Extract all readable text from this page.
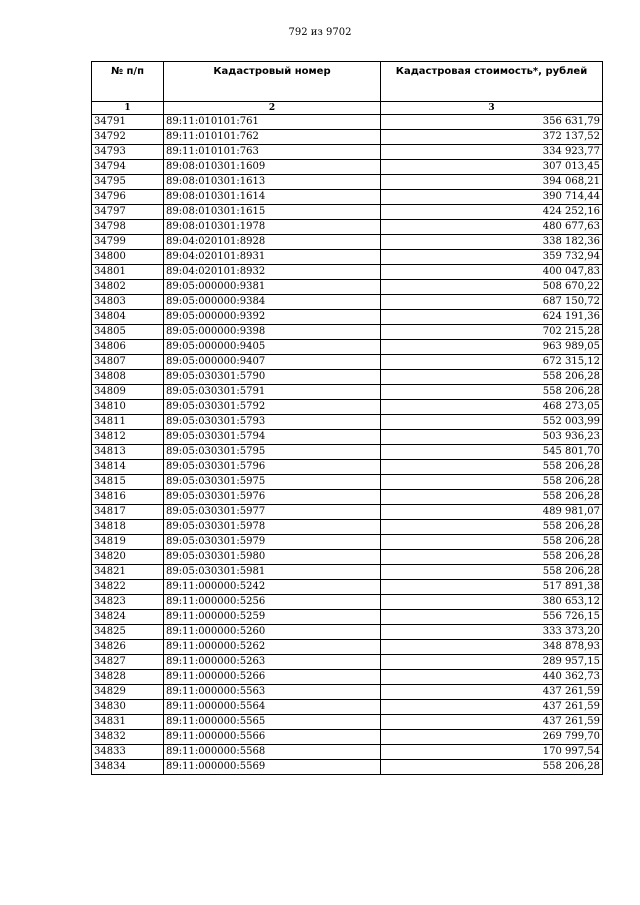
792 из 9702
№ п/п	Кадастровый номер	Кадастровая стоимость*, рублей
1	2	3
34791	89:11:010101:761	356 631,79
34792	89:11:010101:762	372 137,52
34793	89:11:010101:763	334 923,77
34794	89:08:010301:1609	307 013,45
34795	89:08:010301:1613	394 068,21
34796	89:08:010301:1614	390 714,44
34797	89:08:010301:1615	424 252,16
34798	89:08:010301:1978	480 677,63
34799	89:04:020101:8928	338 182,36
34800	89:04:020101:8931	359 732,94
34801	89:04:020101:8932	400 047,83
34802	89:05:000000:9381	508 670,22
34803	89:05:000000:9384	687 150,72
34804	89:05:000000:9392	624 191,36
34805	89:05:000000:9398	702 215,28
34806	89:05:000000:9405	963 989,05
34807	89:05:000000:9407	672 315,12
34808	89:05:030301:5790	558 206,28
34809	89:05:030301:5791	558 206,28
34810	89:05:030301:5792	468 273,05
34811	89:05:030301:5793	552 003,99
34812	89:05:030301:5794	503 936,23
34813	89:05:030301:5795	545 801,70
34814	89:05:030301:5796	558 206,28
34815	89:05:030301:5975	558 206,28
34816	89:05:030301:5976	558 206,28
34817	89:05:030301:5977	489 981,07
34818	89:05:030301:5978	558 206,28
34819	89:05:030301:5979	558 206,28
34820	89:05:030301:5980	558 206,28
34821	89:05:030301:5981	558 206,28
34822	89:11:000000:5242	517 891,38
34823	89:11:000000:5256	380 653,12
34824	89:11:000000:5259	556 726,15
34825	89:11:000000:5260	333 373,20
34826	89:11:000000:5262	348 878,93
34827	89:11:000000:5263	289 957,15
34828	89:11:000000:5266	440 362,73
34829	89:11:000000:5563	437 261,59
34830	89:11:000000:5564	437 261,59
34831	89:11:000000:5565	437 261,59
34832	89:11:000000:5566	269 799,70
34833	89:11:000000:5568	170 997,54
34834	89:11:000000:5569	558 206,28
